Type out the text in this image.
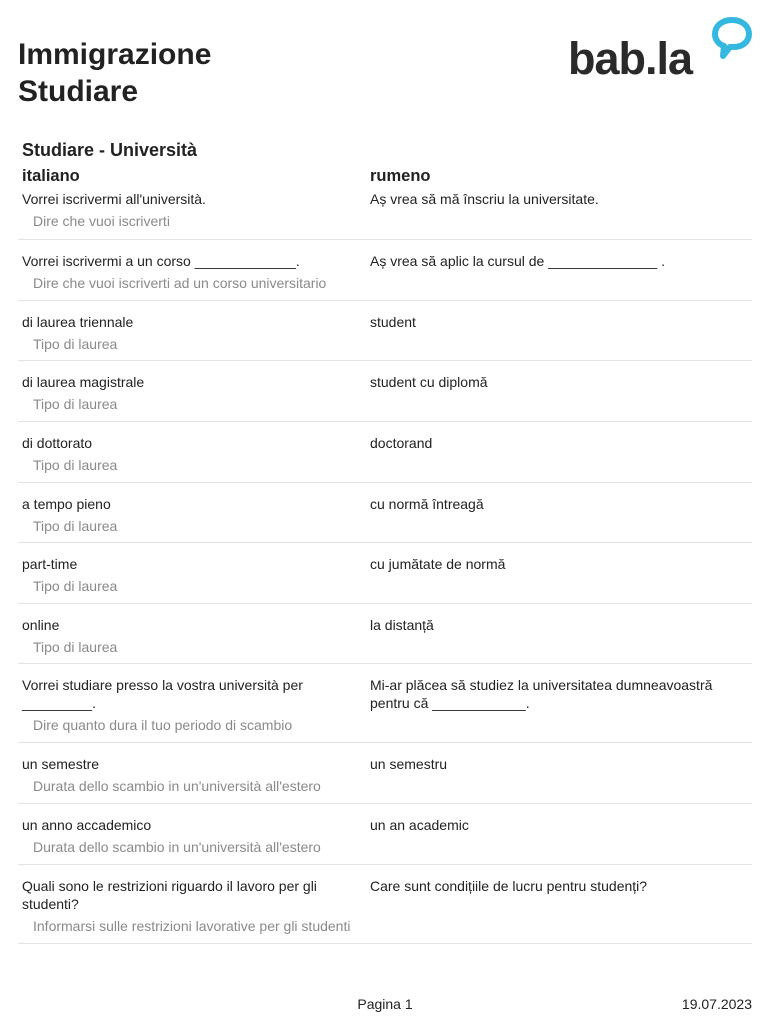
Immigrazione
Studiare
bab.la
Studiare - Università
italiano	rumeno
Vorrei iscrivermi all'università.
Dire che vuoi iscriverti
Aș vrea să mă înscriu la universitate.
Vorrei iscrivermi a un corso _____________.
Dire che vuoi iscriverti ad un corso universitario
Aș vrea să aplic la cursul de ______________ .
di laurea triennale
Tipo di laurea
student
di laurea magistrale
Tipo di laurea
student cu diplomă
di dottorato
Tipo di laurea
doctorand
a tempo pieno
Tipo di laurea
cu normă întreagă
part-time
Tipo di laurea
cu jumătate de normă
online
Tipo di laurea
la distanță
Vorrei studiare presso la vostra università per _________.
Dire quanto dura il tuo periodo di scambio
Mi-ar plăcea să studiez la universitatea dumneavoastră pentru că ____________.
un semestre
Durata dello scambio in un'università all'estero
un semestru
un anno accademico
Durata dello scambio in un'università all'estero
un an academic
Quali sono le restrizioni riguardo il lavoro per gli studenti?
Informarsi sulle restrizioni lavorative per gli studenti
Care sunt condițiile de lucru pentru studenți?
Pagina 1	19.07.2023
